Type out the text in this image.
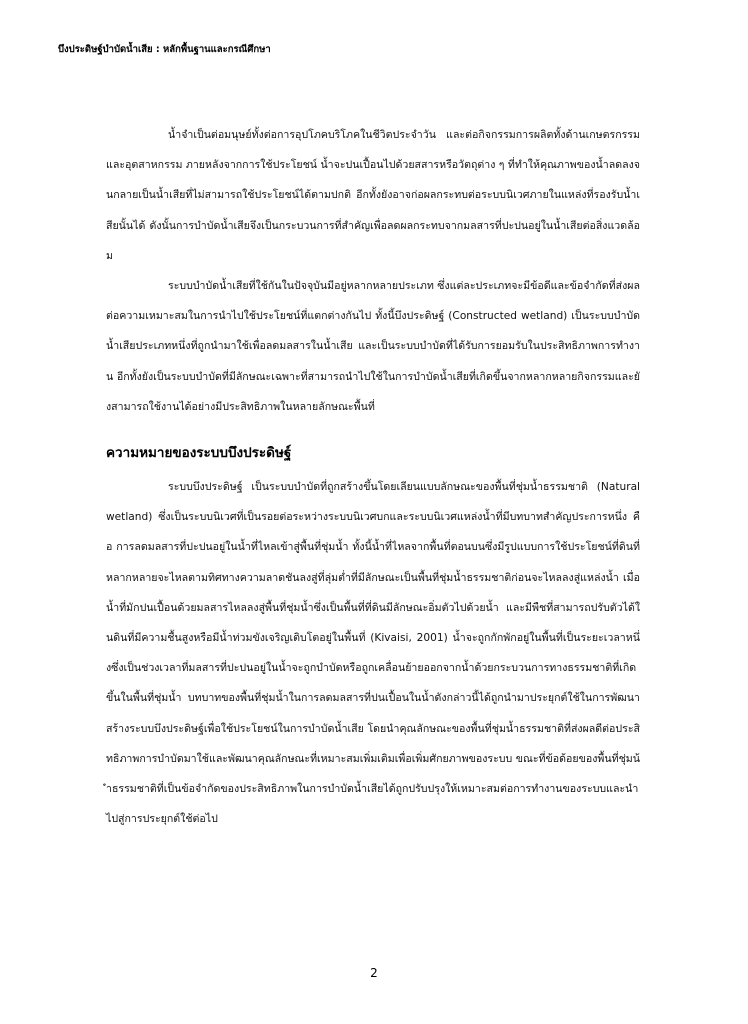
บึงประดิษฐ์บำบัดน้ำเสีย : หลักพื้นฐานและกรณีศึกษา

น้ำจำเป็นต่อมนุษย์ทั้งต่อการอุปโภคบริโภคในชีวิตประจำวัน และต่อกิจกรรมการผลิตทั้งด้านเกษตรกรรมและอุตสาหกรรม ภายหลังจากการใช้ประโยชน์ น้ำจะปนเปื้อนไปด้วยสสารหรือวัตถุต่าง ๆ ที่ทำให้คุณภาพของน้ำลดลงจนกลายเป็นน้ำเสียที่ไม่สามารถใช้ประโยชน์ได้ตามปกติ อีกทั้งยังอาจก่อผลกระทบต่อระบบนิเวศภายในแหล่งที่รองรับน้ำเสียนั้นได้ ดังนั้นการบำบัดน้ำเสียจึงเป็นกระบวนการที่สำคัญเพื่อลดผลกระทบจากมลสารที่ปะปนอยู่ในน้ำเสียต่อสิ่งแวดล้อม

ระบบบำบัดน้ำเสียที่ใช้กันในปัจจุบันมีอยู่หลากหลายประเภท ซึ่งแต่ละประเภทจะมีข้อดีและข้อจำกัดที่ส่งผลต่อความเหมาะสมในการนำไปใช้ประโยชน์ที่แตกต่างกันไป ทั้งนี้บึงประดิษฐ์ (Constructed wetland) เป็นระบบบำบัดน้ำเสียประเภทหนึ่งที่ถูกนำมาใช้เพื่อลดมลสารในน้ำเสีย และเป็นระบบบำบัดที่ได้รับการยอมรับในประสิทธิภาพการทำงาน อีกทั้งยังเป็นระบบบำบัดที่มีลักษณะเฉพาะที่สามารถนำไปใช้ในการบำบัดน้ำเสียที่เกิดขึ้นจากหลากหลายกิจกรรมและยังสามารถใช้งานได้อย่างมีประสิทธิภาพในหลายลักษณะพื้นที่

ความหมายของระบบบึงประดิษฐ์

ระบบบึงประดิษฐ์ เป็นระบบบำบัดที่ถูกสร้างขึ้นโดยเลียนแบบลักษณะของพื้นที่ชุ่มน้ำธรรมชาติ (Natural wetland) ซึ่งเป็นระบบนิเวศที่เป็นรอยต่อระหว่างระบบนิเวศบกและระบบนิเวศแหล่งน้ำที่มีบทบาทสำคัญประการหนึ่ง คือ การลดมลสารที่ปะปนอยู่ในน้ำที่ไหลเข้าสู่พื้นที่ชุ่มน้ำ ทั้งนี้น้ำที่ไหลจากพื้นที่ตอนบนซึ่งมีรูปแบบการใช้ประโยชน์ที่ดินที่หลากหลายจะไหลตามทิศทางความลาดชันลงสู่ที่ลุ่มต่ำที่มีลักษณะเป็นพื้นที่ชุ่มน้ำธรรมชาติก่อนจะไหลลงสู่แหล่งน้ำ เมื่อน้ำที่มักปนเปื้อนด้วยมลสารไหลลงสู่พื้นที่ชุ่มน้ำซึ่งเป็นพื้นที่ที่ดินมีลักษณะอิ่มตัวไปด้วยน้ำ และมีพืชที่สามารถปรับตัวได้ในดินที่มีความชื้นสูงหรือมีน้ำท่วมขังเจริญเติบโตอยู่ในพื้นที่ (Kivaisi, 2001) น้ำจะถูกกักพักอยู่ในพื้นที่เป็นระยะเวลาหนึ่งซึ่งเป็นช่วงเวลาที่มลสารที่ปะปนอยู่ในน้ำจะถูกบำบัดหรือถูกเคลื่อนย้ายออกจากน้ำด้วยกระบวนการทางธรรมชาติที่เกิดขึ้นในพื้นที่ชุ่มน้ำ บทบาทของพื้นที่ชุ่มน้ำในการลดมลสารที่ปนเปื้อนในน้ำดังกล่าวนี้ได้ถูกนำมาประยุกต์ใช้ในการพัฒนาสร้างระบบบึงประดิษฐ์เพื่อใช้ประโยชน์ในการบำบัดน้ำเสีย โดยนำคุณลักษณะของพื้นที่ชุ่มน้ำธรรมชาติที่ส่งผลดีต่อประสิทธิภาพการบำบัดมาใช้และพัฒนาคุณลักษณะที่เหมาะสมเพิ่มเติมเพื่อเพิ่มศักยภาพของระบบ ขณะที่ข้อด้อยของพื้นที่ชุ่มน้ำธรรมชาติที่เป็นข้อจำกัดของประสิทธิภาพในการบำบัดน้ำเสียได้ถูกปรับปรุงให้เหมาะสมต่อการทำงานของระบบและนำไปสู่การประยุกต์ใช้ต่อไป

2
